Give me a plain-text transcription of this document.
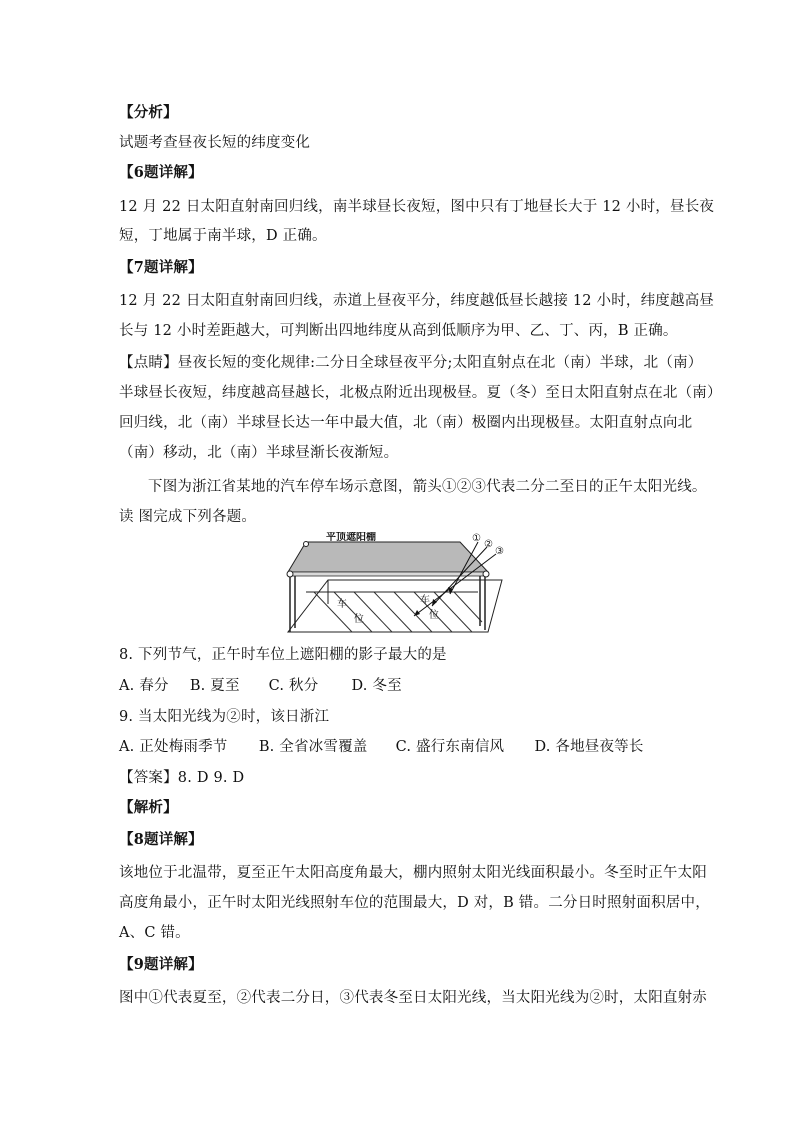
【分析】
试题考查昼夜长短的纬度变化
【6题详解】
12 月 22 日太阳直射南回归线，南半球昼长夜短，图中只有丁地昼长大于 12 小时，昼长夜
短，丁地属于南半球，D 正确。
【7题详解】
12 月 22 日太阳直射南回归线，赤道上昼夜平分，纬度越低昼长越接 12 小时，纬度越高昼
长与 12 小时差距越大，可判断出四地纬度从高到低顺序为甲、乙、丁、丙，B 正确。
【点睛】昼夜长短的变化规律:二分日全球昼夜平分;太阳直射点在北（南）半球，北（南）
半球昼长夜短，纬度越高昼越长，北极点附近出现极昼。夏（冬）至日太阳直射点在北（南）
回归线，北（南）半球昼长达一年中最大值，北（南）极圈内出现极昼。太阳直射点向北
（南）移动，北（南）半球昼渐长夜渐短。
下图为浙江省某地的汽车停车场示意图，箭头①②③代表二分二至日的正午太阳光线。
读 图完成下列各题。
平顶遮阳棚	①
②
③
车
位
车
位
8. 下列节气，正午时车位上遮阳棚的影子最大的是
A. 春分 B. 夏至 C. 秋分 D. 冬至
9. 当太阳光线为②时，该日浙江
A. 正处梅雨季节 B. 全省冰雪覆盖 C. 盛行东南信风 D. 各地昼夜等长
【答案】8. D 9. D
【解析】
【8题详解】
该地位于北温带，夏至正午太阳高度角最大，棚内照射太阳光线面积最小。冬至时正午太阳
高度角最小，正午时太阳光线照射车位的范围最大，D 对，B 错。二分日时照射面积居中，
A、C 错。
【9题详解】
图中①代表夏至，②代表二分日，③代表冬至日太阳光线，当太阳光线为②时，太阳直射赤
